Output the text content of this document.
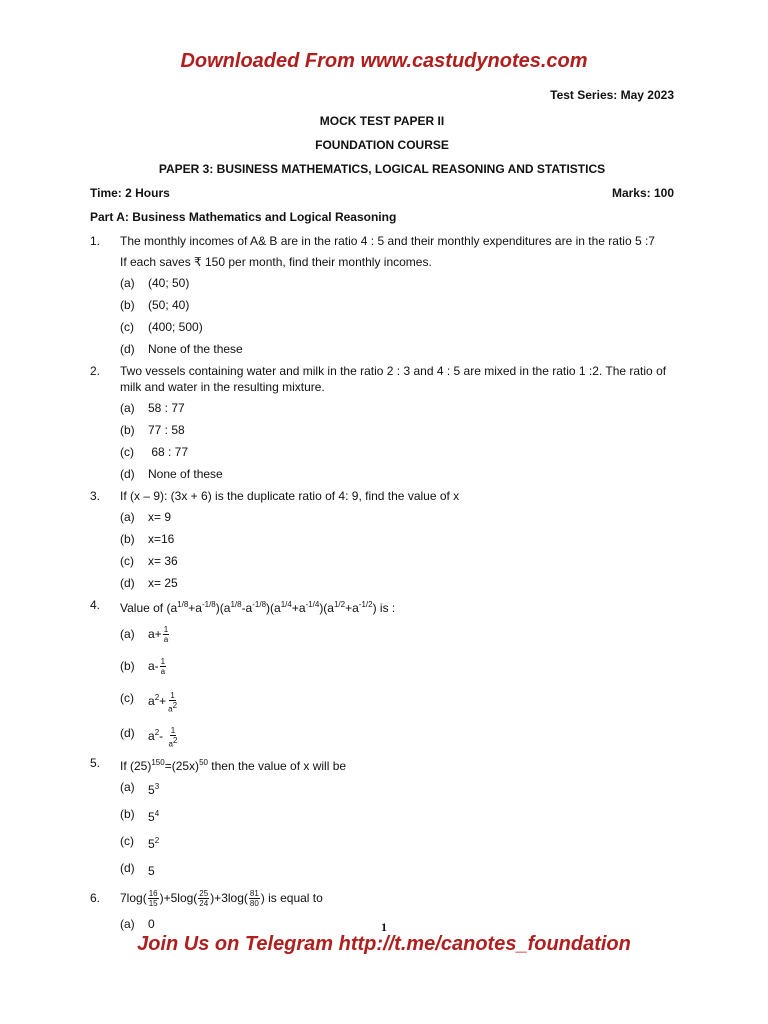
Downloaded From www.castudynotes.com
Test Series: May 2023
MOCK TEST PAPER II
FOUNDATION COURSE
PAPER 3: BUSINESS MATHEMATICS, LOGICAL REASONING AND STATISTICS
Time: 2 Hours	Marks: 100
Part A: Business Mathematics and Logical Reasoning
1.	The monthly incomes of A& B are in the ratio 4 : 5 and their monthly expenditures are in the ratio 5 :7
If each saves ₹ 150 per month, find their monthly incomes.
(a)	(40; 50)
(b)	(50; 40)
(c)	(400; 500)
(d)	None of the these
2.	Two vessels containing water and milk in the ratio 2 : 3 and 4 : 5 are mixed in the ratio 1 :2. The ratio of milk and water in the resulting mixture.
(a)	58 : 77
(b)	77 : 58
(c)	68 : 77
(d)	None of these
3.	If (x – 9): (3x + 6) is the duplicate ratio of 4: 9, find the value of x
(a)	x= 9
(b)	x=16
(c)	x= 36
(d)	x= 25
4.	Value of $(a^{1/8}+a^{-1/8})(a^{1/8}-a^{-1/8})(a^{1/4}+a^{-1/4})(a^{1/2}+a^{-1/2})$ is :
(a)	$a+ \frac{1}{a}$
(b)	$a- \frac{1}{a}$
(c)	$a^2+ \frac{1}{a^2}$
(d)	$a^2- \frac{1}{a^2}$
5.	If $(25)^{150}=(25x)^{50}$ then the value of x will be
(a)	$5^3$
(b)	$5^4$
(c)	$5^2$
(d)	5
6.	$7\log( \frac{16}{15} )+5\log( \frac{25}{24} )+3\log( \frac{81}{80}$ ) is equal to
(a)	0	1
Join Us on Telegram http://t.me/canotes_foundation
